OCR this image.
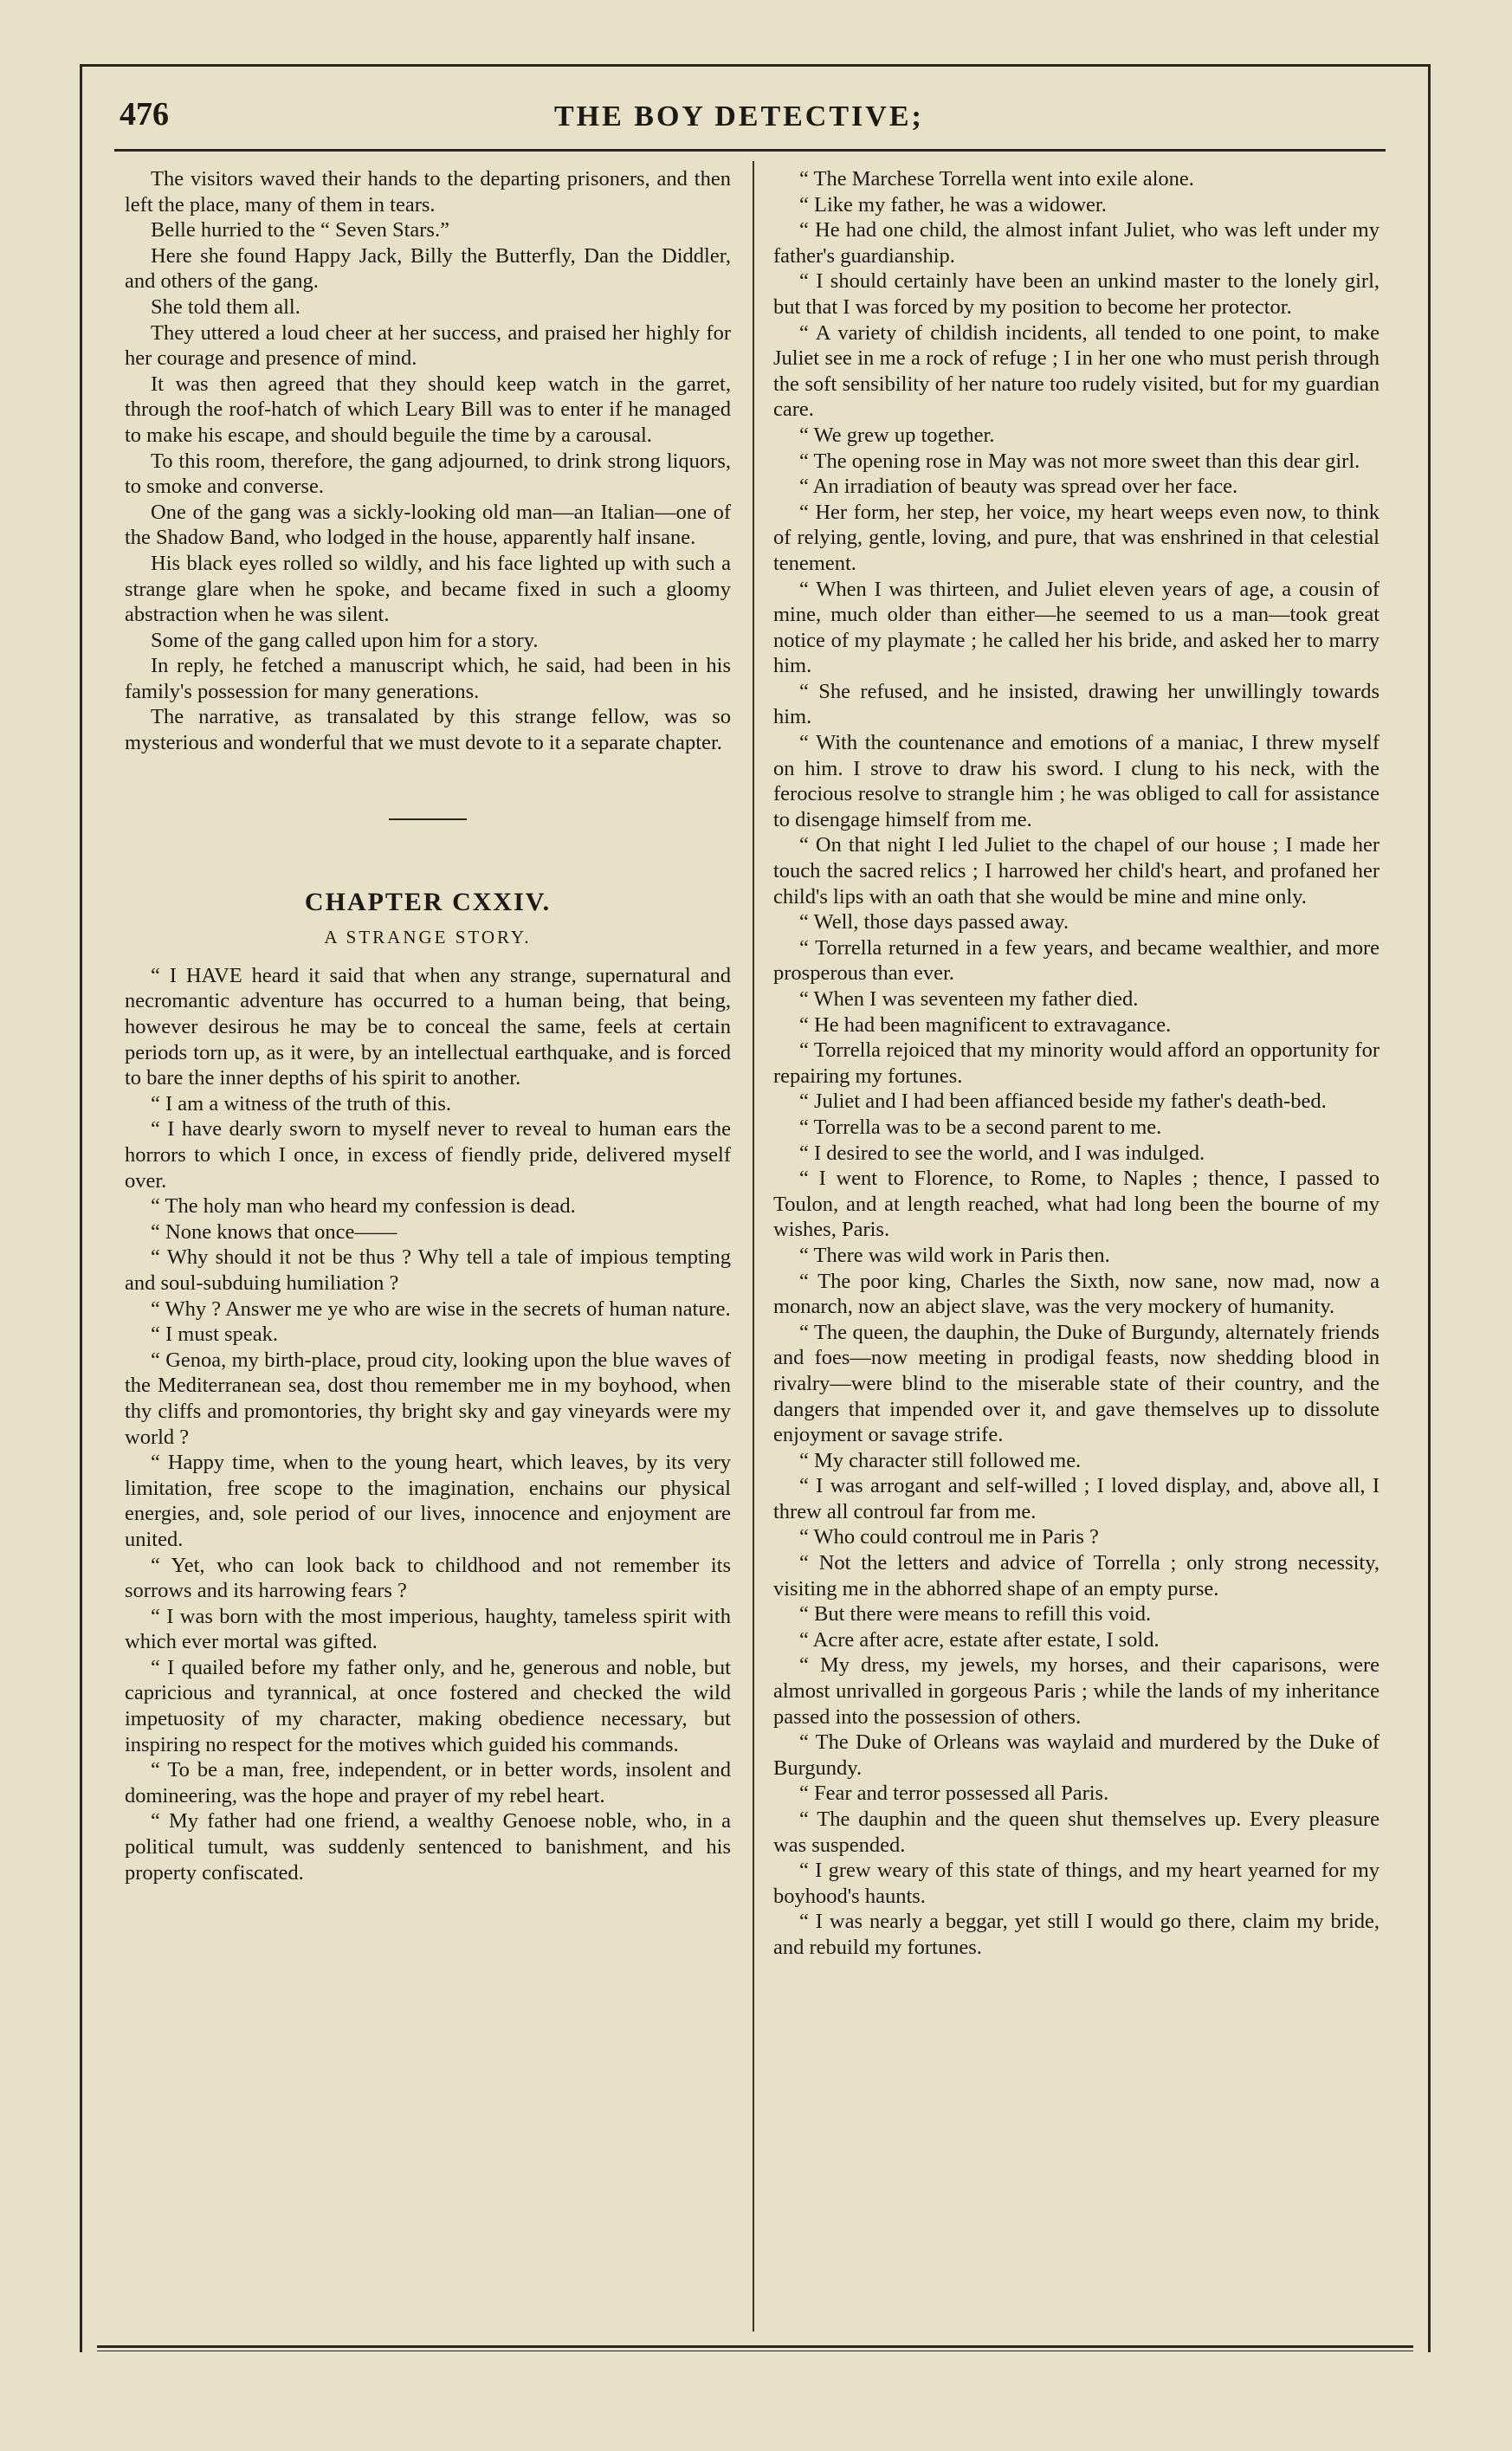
476	THE BOY DETECTIVE;

The visitors waved their hands to the departing prisoners, and then left the place, many of them in tears.

Belle hurried to the “ Seven Stars.”

Here she found Happy Jack, Billy the Butterfly, Dan the Diddler, and others of the gang.

She told them all.

They uttered a loud cheer at her success, and praised her highly for her courage and presence of mind.

It was then agreed that they should keep watch in the garret, through the roof-hatch of which Leary Bill was to enter if he managed to make his escape, and should beguile the time by a carousal.

To this room, therefore, the gang adjourned, to drink strong liquors, to smoke and converse.

One of the gang was a sickly-looking old man—an Italian—one of the Shadow Band, who lodged in the house, apparently half insane.

His black eyes rolled so wildly, and his face lighted up with such a strange glare when he spoke, and became fixed in such a gloomy abstraction when he was silent.

Some of the gang called upon him for a story.

In reply, he fetched a manuscript which, he said, had been in his family's possession for many generations.

The narrative, as transalated by this strange fellow, was so mysterious and wonderful that we must devote to it a separate chapter.

CHAPTER CXXIV.
A STRANGE STORY.

“ I HAVE heard it said that when any strange, supernatural and necromantic adventure has occurred to a human being, that being, however desirous he may be to conceal the same, feels at certain periods torn up, as it were, by an intellectual earthquake, and is forced to bare the inner depths of his spirit to another.

“ I am a witness of the truth of this.

“ I have dearly sworn to myself never to reveal to human ears the horrors to which I once, in excess of fiendly pride, delivered myself over.

“ The holy man who heard my confession is dead.

“ None knows that once——

“ Why should it not be thus ? Why tell a tale of impious tempting and soul-subduing humiliation ?

“ Why ? Answer me ye who are wise in the secrets of human nature.

“ I must speak.

“ Genoa, my birth-place, proud city, looking upon the blue waves of the Mediterranean sea, dost thou remember me in my boyhood, when thy cliffs and promontories, thy bright sky and gay vineyards were my world ?

“ Happy time, when to the young heart, which leaves, by its very limitation, free scope to the imagination, enchains our physical energies, and, sole period of our lives, innocence and enjoyment are united.

“ Yet, who can look back to childhood and not remember its sorrows and its harrowing fears ?

“ I was born with the most imperious, haughty, tameless spirit with which ever mortal was gifted.

“ I quailed before my father only, and he, generous and noble, but capricious and tyrannical, at once fostered and checked the wild impetuosity of my character, making obedience necessary, but inspiring no respect for the motives which guided his commands.

“ To be a man, free, independent, or in better words, insolent and domineering, was the hope and prayer of my rebel heart.

“ My father had one friend, a wealthy Genoese noble, who, in a political tumult, was suddenly sentenced to banishment, and his property confiscated.

“ The Marchese Torrella went into exile alone.

“ Like my father, he was a widower.

“ He had one child, the almost infant Juliet, who was left under my father's guardianship.

“ I should certainly have been an unkind master to the lonely girl, but that I was forced by my position to become her protector.

“ A variety of childish incidents, all tended to one point, to make Juliet see in me a rock of refuge ; I in her one who must perish through the soft sensibility of her nature too rudely visited, but for my guardian care.

“ We grew up together.

“ The opening rose in May was not more sweet than this dear girl.

“ An irradiation of beauty was spread over her face.

“ Her form, her step, her voice, my heart weeps even now, to think of relying, gentle, loving, and pure, that was enshrined in that celestial tenement.

“ When I was thirteen, and Juliet eleven years of age, a cousin of mine, much older than either—he seemed to us a man—took great notice of my playmate ; he called her his bride, and asked her to marry him.

“ She refused, and he insisted, drawing her unwillingly towards him.

“ With the countenance and emotions of a maniac, I threw myself on him. I strove to draw his sword. I clung to his neck, with the ferocious resolve to strangle him ; he was obliged to call for assistance to disengage himself from me.

“ On that night I led Juliet to the chapel of our house ; I made her touch the sacred relics ; I harrowed her child's heart, and profaned her child's lips with an oath that she would be mine and mine only.

“ Well, those days passed away.

“ Torrella returned in a few years, and became wealthier, and more prosperous than ever.

“ When I was seventeen my father died.

“ He had been magnificent to extravagance.

“ Torrella rejoiced that my minority would afford an opportunity for repairing my fortunes.

“ Juliet and I had been affianced beside my father's death-bed.

“ Torrella was to be a second parent to me.

“ I desired to see the world, and I was indulged.

“ I went to Florence, to Rome, to Naples ; thence, I passed to Toulon, and at length reached, what had long been the bourne of my wishes, Paris.

“ There was wild work in Paris then.

“ The poor king, Charles the Sixth, now sane, now mad, now a monarch, now an abject slave, was the very mockery of humanity.

“ The queen, the dauphin, the Duke of Burgundy, alternately friends and foes—now meeting in prodigal feasts, now shedding blood in rivalry—were blind to the miserable state of their country, and the dangers that impended over it, and gave themselves up to dissolute enjoyment or savage strife.

“ My character still followed me.

“ I was arrogant and self-willed ; I loved display, and, above all, I threw all controul far from me.

“ Who could controul me in Paris ?

“ Not the letters and advice of Torrella ; only strong necessity, visiting me in the abhorred shape of an empty purse.

“ But there were means to refill this void.

“ Acre after acre, estate after estate, I sold.

“ My dress, my jewels, my horses, and their caparisons, were almost unrivalled in gorgeous Paris ; while the lands of my inheritance passed into the possession of others.

“ The Duke of Orleans was waylaid and murdered by the Duke of Burgundy.

“ Fear and terror possessed all Paris.

“ The dauphin and the queen shut themselves up. Every pleasure was suspended.

“ I grew weary of this state of things, and my heart yearned for my boyhood's haunts.

“ I was nearly a beggar, yet still I would go there, claim my bride, and rebuild my fortunes.
